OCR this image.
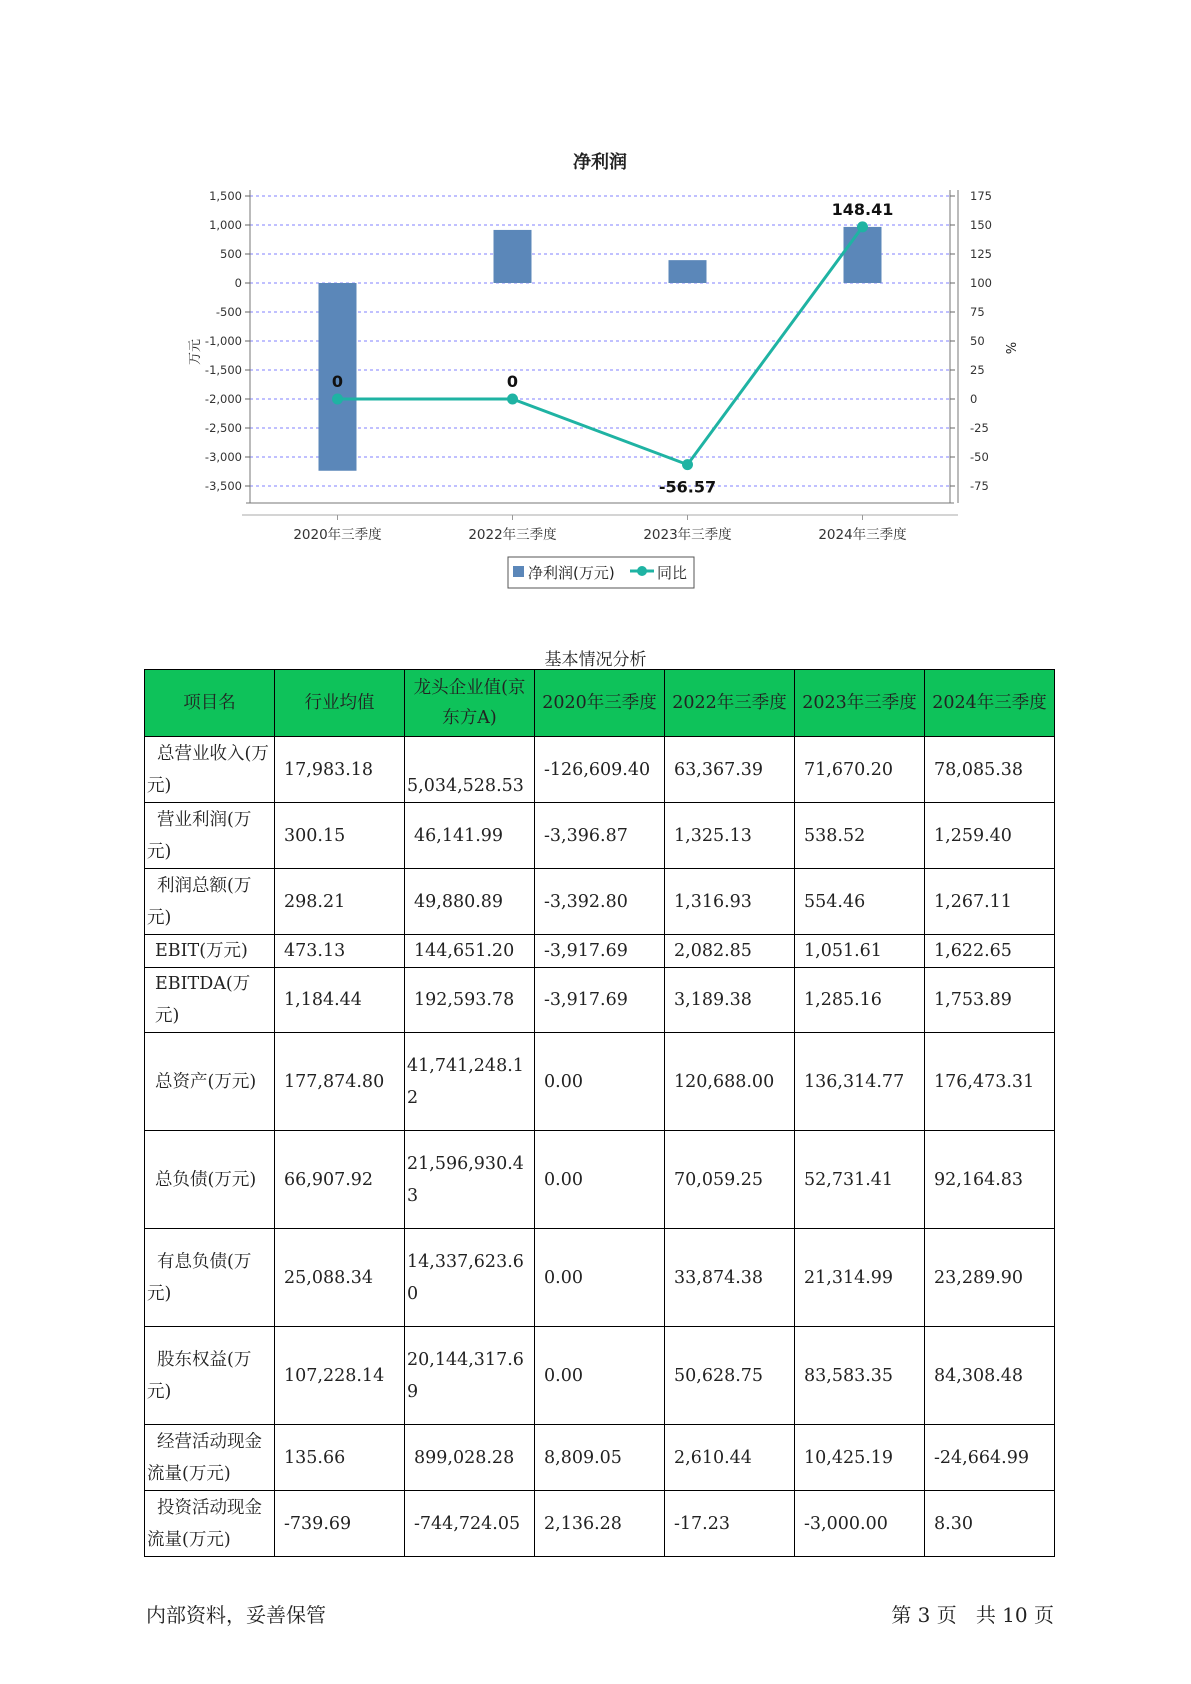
净利润
1,500
1,000
500
0
-500
-1,000
-1,500
-2,000
-2,500
-3,000
-3,500
175
150
125
100
75
50
25
0
-25
-50
-75
2020年三季度	2022年三季度	2023年三季度	2024年三季度
0	0
-56.57
148.41
万元	%
净利润(万元)	同比
基本情况分析
项目名	行业均值	龙头企业值(京东方A)	2020年三季度	2022年三季度	2023年三季度	2024年三季度
总营业收入(万元)	17,983.18	5,034,528.53	-126,609.40	63,367.39	71,670.20	78,085.38
营业利润(万元)	300.15	46,141.99	-3,396.87	1,325.13	538.52	1,259.40
利润总额(万元)	298.21	49,880.89	-3,392.80	1,316.93	554.46	1,267.11
EBIT(万元)	473.13	144,651.20	-3,917.69	2,082.85	1,051.61	1,622.65
EBITDA(万元)	1,184.44	192,593.78	-3,917.69	3,189.38	1,285.16	1,753.89
总资产(万元)	177,874.80	41,741,248.12	0.00	120,688.00	136,314.77	176,473.31
总负债(万元)	66,907.92	21,596,930.43	0.00	70,059.25	52,731.41	92,164.83
有息负债(万元)	25,088.34	14,337,623.60	0.00	33,874.38	21,314.99	23,289.90
股东权益(万元)	107,228.14	20,144,317.69	0.00	50,628.75	83,583.35	84,308.48
经营活动现金流量(万元)	135.66	899,028.28	8,809.05	2,610.44	10,425.19	-24,664.99
投资活动现金流量(万元)	-739.69	-744,724.05	2,136.28	-17.23	-3,000.00	8.30
内部资料，妥善保管	第 3 页   共 10 页
